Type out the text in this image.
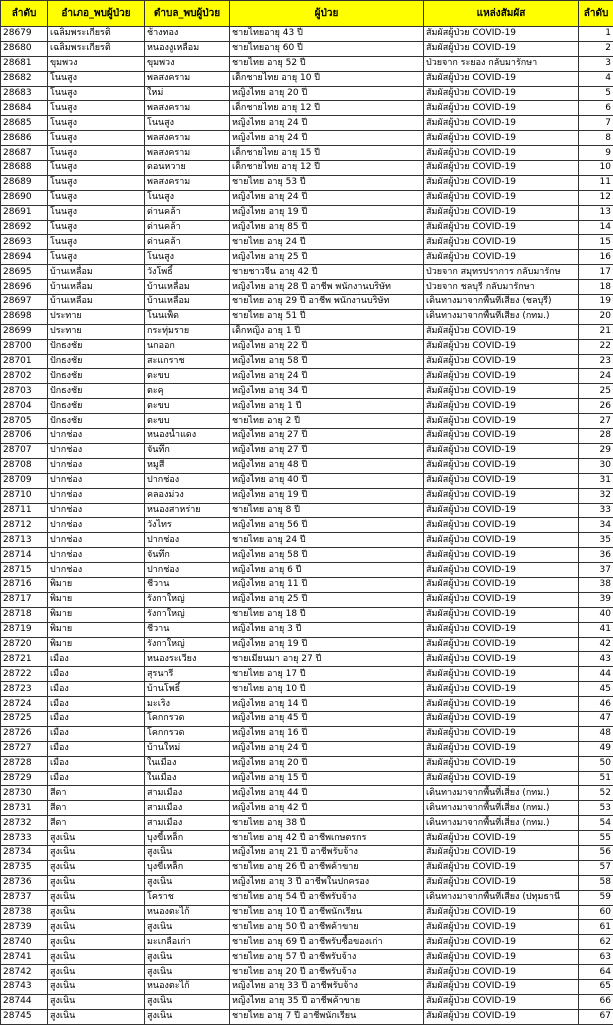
ลำดับ	อำเภอ_พบผู้ป่วย	ตำบล_พบผู้ป่วย	ผู้ป่วย	แหล่งสัมผัส	ลำดับ
28679	เฉลิมพระเกียรติ	ช้างทอง	ชายไทยอายุ 43 ปี	สัมผัสผู้ป่วย COVID-19	1
28680	เฉลิมพระเกียรติ	หนองงูเหลือม	ชายไทยอายุ 60 ปี	สัมผัสผู้ป่วย COVID-19	2
28681	ขุมพวง	ขุมพวง	ชายไทย อายุ 52 ปี	ป่วยจาก ระยอง กลับมารักษา	3
28682	โนนสูง	พลสงคราม	เด็กชายไทย อายุ 10 ปี	สัมผัสผู้ป่วย COVID-19	4
28683	โนนสูง	ใหม่	หญิงไทย อายุ 20 ปี	สัมผัสผู้ป่วย COVID-19	5
28684	โนนสูง	พลสงคราม	เด็กชายไทย อายุ 12 ปี	สัมผัสผู้ป่วย COVID-19	6
28685	โนนสูง	โนนสูง	หญิงไทย อายุ 24 ปี	สัมผัสผู้ป่วย COVID-19	7
28686	โนนสูง	พลสงคราม	หญิงไทย อายุ 24 ปี	สัมผัสผู้ป่วย COVID-19	8
28687	โนนสูง	พลสงคราม	เด็กชายไทย อายุ 15 ปี	สัมผัสผู้ป่วย COVID-19	9
28688	โนนสูง	ดอนหวาย	เด็กชายไทย อายุ 12 ปี	สัมผัสผู้ป่วย COVID-19	10
28689	โนนสูง	พลสงคราม	ชายไทย อายุ 53 ปี	สัมผัสผู้ป่วย COVID-19	11
28690	โนนสูง	โนนสูง	หญิงไทย อายุ 24 ปี	สัมผัสผู้ป่วย COVID-19	12
28691	โนนสูง	ด่านคล้า	หญิงไทย อายุ 19 ปี	สัมผัสผู้ป่วย COVID-19	13
28692	โนนสูง	ด่านคล้า	หญิงไทย อายุ 85 ปี	สัมผัสผู้ป่วย COVID-19	14
28693	โนนสูง	ด่านคล้า	ชายไทย อายุ 24 ปี	สัมผัสผู้ป่วย COVID-19	15
28694	โนนสูง	โนนสูง	หญิงไทย อายุ 25 ปี	สัมผัสผู้ป่วย COVID-19	16
28695	บ้านเหลื่อม	วังโพธิ์	ชายชาวจีน อายุ 42 ปี	ป่วยจาก สมุทรปราการ กลับมารักษ	17
28696	บ้านเหลื่อม	บ้านเหลื่อม	หญิงไทย อายุ 28 ปี อาชีพ พนักงานบริษัท	ป่วยจาก ชลบุรี กลับมารักษา	18
28697	บ้านเหลื่อม	บ้านเหลื่อม	ชายไทย อายุ 29 ปี อาชีพ พนักงานบริษัท	เดินทางมาจากพื้นที่เสี่ยง (ชลบุรี)	19
28698	ประทาย	โนนเพ็ด	ชายไทย อายุ 51 ปี	เดินทางมาจากพื้นที่เสี่ยง (กทม.)	20
28699	ประทาย	กระทุ่มราย	เด็กหญิง อายุ 1 ปี	สัมผัสผู้ป่วย COVID-19	21
28700	ปักธงชัย	นกออก	หญิงไทย อายุ 22 ปี	สัมผัสผู้ป่วย COVID-19	22
28701	ปักธงชัย	สะแกราช	หญิงไทย อายุ 58 ปี	สัมผัสผู้ป่วย COVID-19	23
28702	ปักธงชัย	ตะขบ	หญิงไทย อายุ 24 ปี	สัมผัสผู้ป่วย COVID-19	24
28703	ปักธงชัย	ตะคุ	หญิงไทย อายุ 34 ปี	สัมผัสผู้ป่วย COVID-19	25
28704	ปักธงชัย	ตะขบ	หญิงไทย อายุ 1 ปี	สัมผัสผู้ป่วย COVID-19	26
28705	ปักธงชัย	ตะขบ	ชายไทย อายุ 2 ปี	สัมผัสผู้ป่วย COVID-19	27
28706	ปากช่อง	หนองน้ำแดง	หญิงไทย อายุ 27 ปี	สัมผัสผู้ป่วย COVID-19	28
28707	ปากช่อง	จันทึก	หญิงไทย อายุ 27 ปี	สัมผัสผู้ป่วย COVID-19	29
28708	ปากช่อง	หมูสี	หญิงไทย อายุ 48 ปี	สัมผัสผู้ป่วย COVID-19	30
28709	ปากช่อง	ปากช่อง	หญิงไทย อายุ 40 ปี	สัมผัสผู้ป่วย COVID-19	31
28710	ปากช่อง	คลองม่วง	หญิงไทย อายุ 19 ปี	สัมผัสผู้ป่วย COVID-19	32
28711	ปากช่อง	หนองสาหร่าย	ชายไทย อายุ 8 ปี	สัมผัสผู้ป่วย COVID-19	33
28712	ปากช่อง	วังไทร	หญิงไทย อายุ 56 ปี	สัมผัสผู้ป่วย COVID-19	34
28713	ปากช่อง	ปากช่อง	ชายไทย อายุ 24 ปี	สัมผัสผู้ป่วย COVID-19	35
28714	ปากช่อง	จันทึก	หญิงไทย อายุ 58 ปี	สัมผัสผู้ป่วย COVID-19	36
28715	ปากช่อง	ปากช่อง	หญิงไทย อายุ 6 ปี	สัมผัสผู้ป่วย COVID-19	37
28716	พิมาย	ชีวาน	หญิงไทย อายุ 11 ปี	สัมผัสผู้ป่วย COVID-19	38
28717	พิมาย	รังกาใหญ่	หญิงไทย อายุ 25 ปี	สัมผัสผู้ป่วย COVID-19	39
28718	พิมาย	รังกาใหญ่	ชายไทย อายุ 18 ปี	สัมผัสผู้ป่วย COVID-19	40
28719	พิมาย	ชีวาน	หญิงไทย อายุ 3 ปี	สัมผัสผู้ป่วย COVID-19	41
28720	พิมาย	รังกาใหญ่	หญิงไทย อายุ 19 ปี	สัมผัสผู้ป่วย COVID-19	42
28721	เมือง	หนองระเวียง	ชายเมียนมา อายุ 27 ปี	สัมผัสผู้ป่วย COVID-19	43
28722	เมือง	สุรนารี	ชายไทย อายุ 17 ปี	สัมผัสผู้ป่วย COVID-19	44
28723	เมือง	บ้านโพธิ์	ชายไทย อายุ 10 ปี	สัมผัสผู้ป่วย COVID-19	45
28724	เมือง	มะเริง	หญิงไทย อายุ 14 ปี	สัมผัสผู้ป่วย COVID-19	46
28725	เมือง	โคกกรวด	หญิงไทย อายุ 45 ปี	สัมผัสผู้ป่วย COVID-19	47
28726	เมือง	โคกกรวด	หญิงไทย อายุ 16 ปี	สัมผัสผู้ป่วย COVID-19	48
28727	เมือง	บ้านใหม่	หญิงไทย อายุ 24 ปี	สัมผัสผู้ป่วย COVID-19	49
28728	เมือง	ในเมือง	หญิงไทย อายุ 20 ปี	สัมผัสผู้ป่วย COVID-19	50
28729	เมือง	ในเมือง	หญิงไทย อายุ 15 ปี	สัมผัสผู้ป่วย COVID-19	51
28730	สีดา	สามเมือง	หญิงไทย อายุ 44 ปี	เดินทางมาจากพื้นที่เสี่ยง (กทม.)	52
28731	สีดา	สามเมือง	หญิงไทย อายุ 42 ปี	เดินทางมาจากพื้นที่เสี่ยง (กทม.)	53
28732	สีดา	สามเมือง	ชายไทย อายุ 38 ปี	เดินทางมาจากพื้นที่เสี่ยง (กทม.)	54
28733	สูงเนิน	บุงขี้เหล็ก	ชายไทย อายุ 42 ปี อาชีพเกษตรกร	สัมผัสผู้ป่วย COVID-19	55
28734	สูงเนิน	สูงเนิน	หญิงไทย อายุ 21 ปี อาชีพรับจ้าง	สัมผัสผู้ป่วย COVID-19	56
28735	สูงเนิน	บุงขี้เหล็ก	ชายไทย อายุ 26 ปี อาชีพค้าขาย	สัมผัสผู้ป่วย COVID-19	57
28736	สูงเนิน	สูงเนิน	หญิงไทย อายุ 3 ปี อาชีพในปกครอง	สัมผัสผู้ป่วย COVID-19	58
28737	สูงเนิน	โคราช	ชายไทย อายุ 54 ปี อาชีพรับจ้าง	เดินทางมาจากพื้นที่เสี่ยง (ปทุมธานี	59
28738	สูงเนิน	หนองตะไก้	ชายไทย อายุ 10 ปี อาชีพนักเรียน	สัมผัสผู้ป่วย COVID-19	60
28739	สูงเนิน	สูงเนิน	ชายไทย อายุ 50 ปี อาชีพค้าขาย	สัมผัสผู้ป่วย COVID-19	61
28740	สูงเนิน	มะเกลือเก่า	ชายไทย อายุ 69 ปี อาชีพรับซื้อของเก่า	สัมผัสผู้ป่วย COVID-19	62
28741	สูงเนิน	สูงเนิน	ชายไทย อายุ 57 ปี อาชีพรับจ้าง	สัมผัสผู้ป่วย COVID-19	63
28742	สูงเนิน	สูงเนิน	ชายไทย อายุ 20 ปี อาชีพรับจ้าง	สัมผัสผู้ป่วย COVID-19	64
28743	สูงเนิน	หนองตะไก้	หญิงไทย อายุ 33 ปี อาชีพรับจ้าง	สัมผัสผู้ป่วย COVID-19	65
28744	สูงเนิน	สูงเนิน	หญิงไทย อายุ 35 ปี อาชีพค้าขาย	สัมผัสผู้ป่วย COVID-19	66
28745	สูงเนิน	สูงเนิน	ชายไทย อายุ 7 ปี อาชีพนักเรียน	สัมผัสผู้ป่วย COVID-19	67
